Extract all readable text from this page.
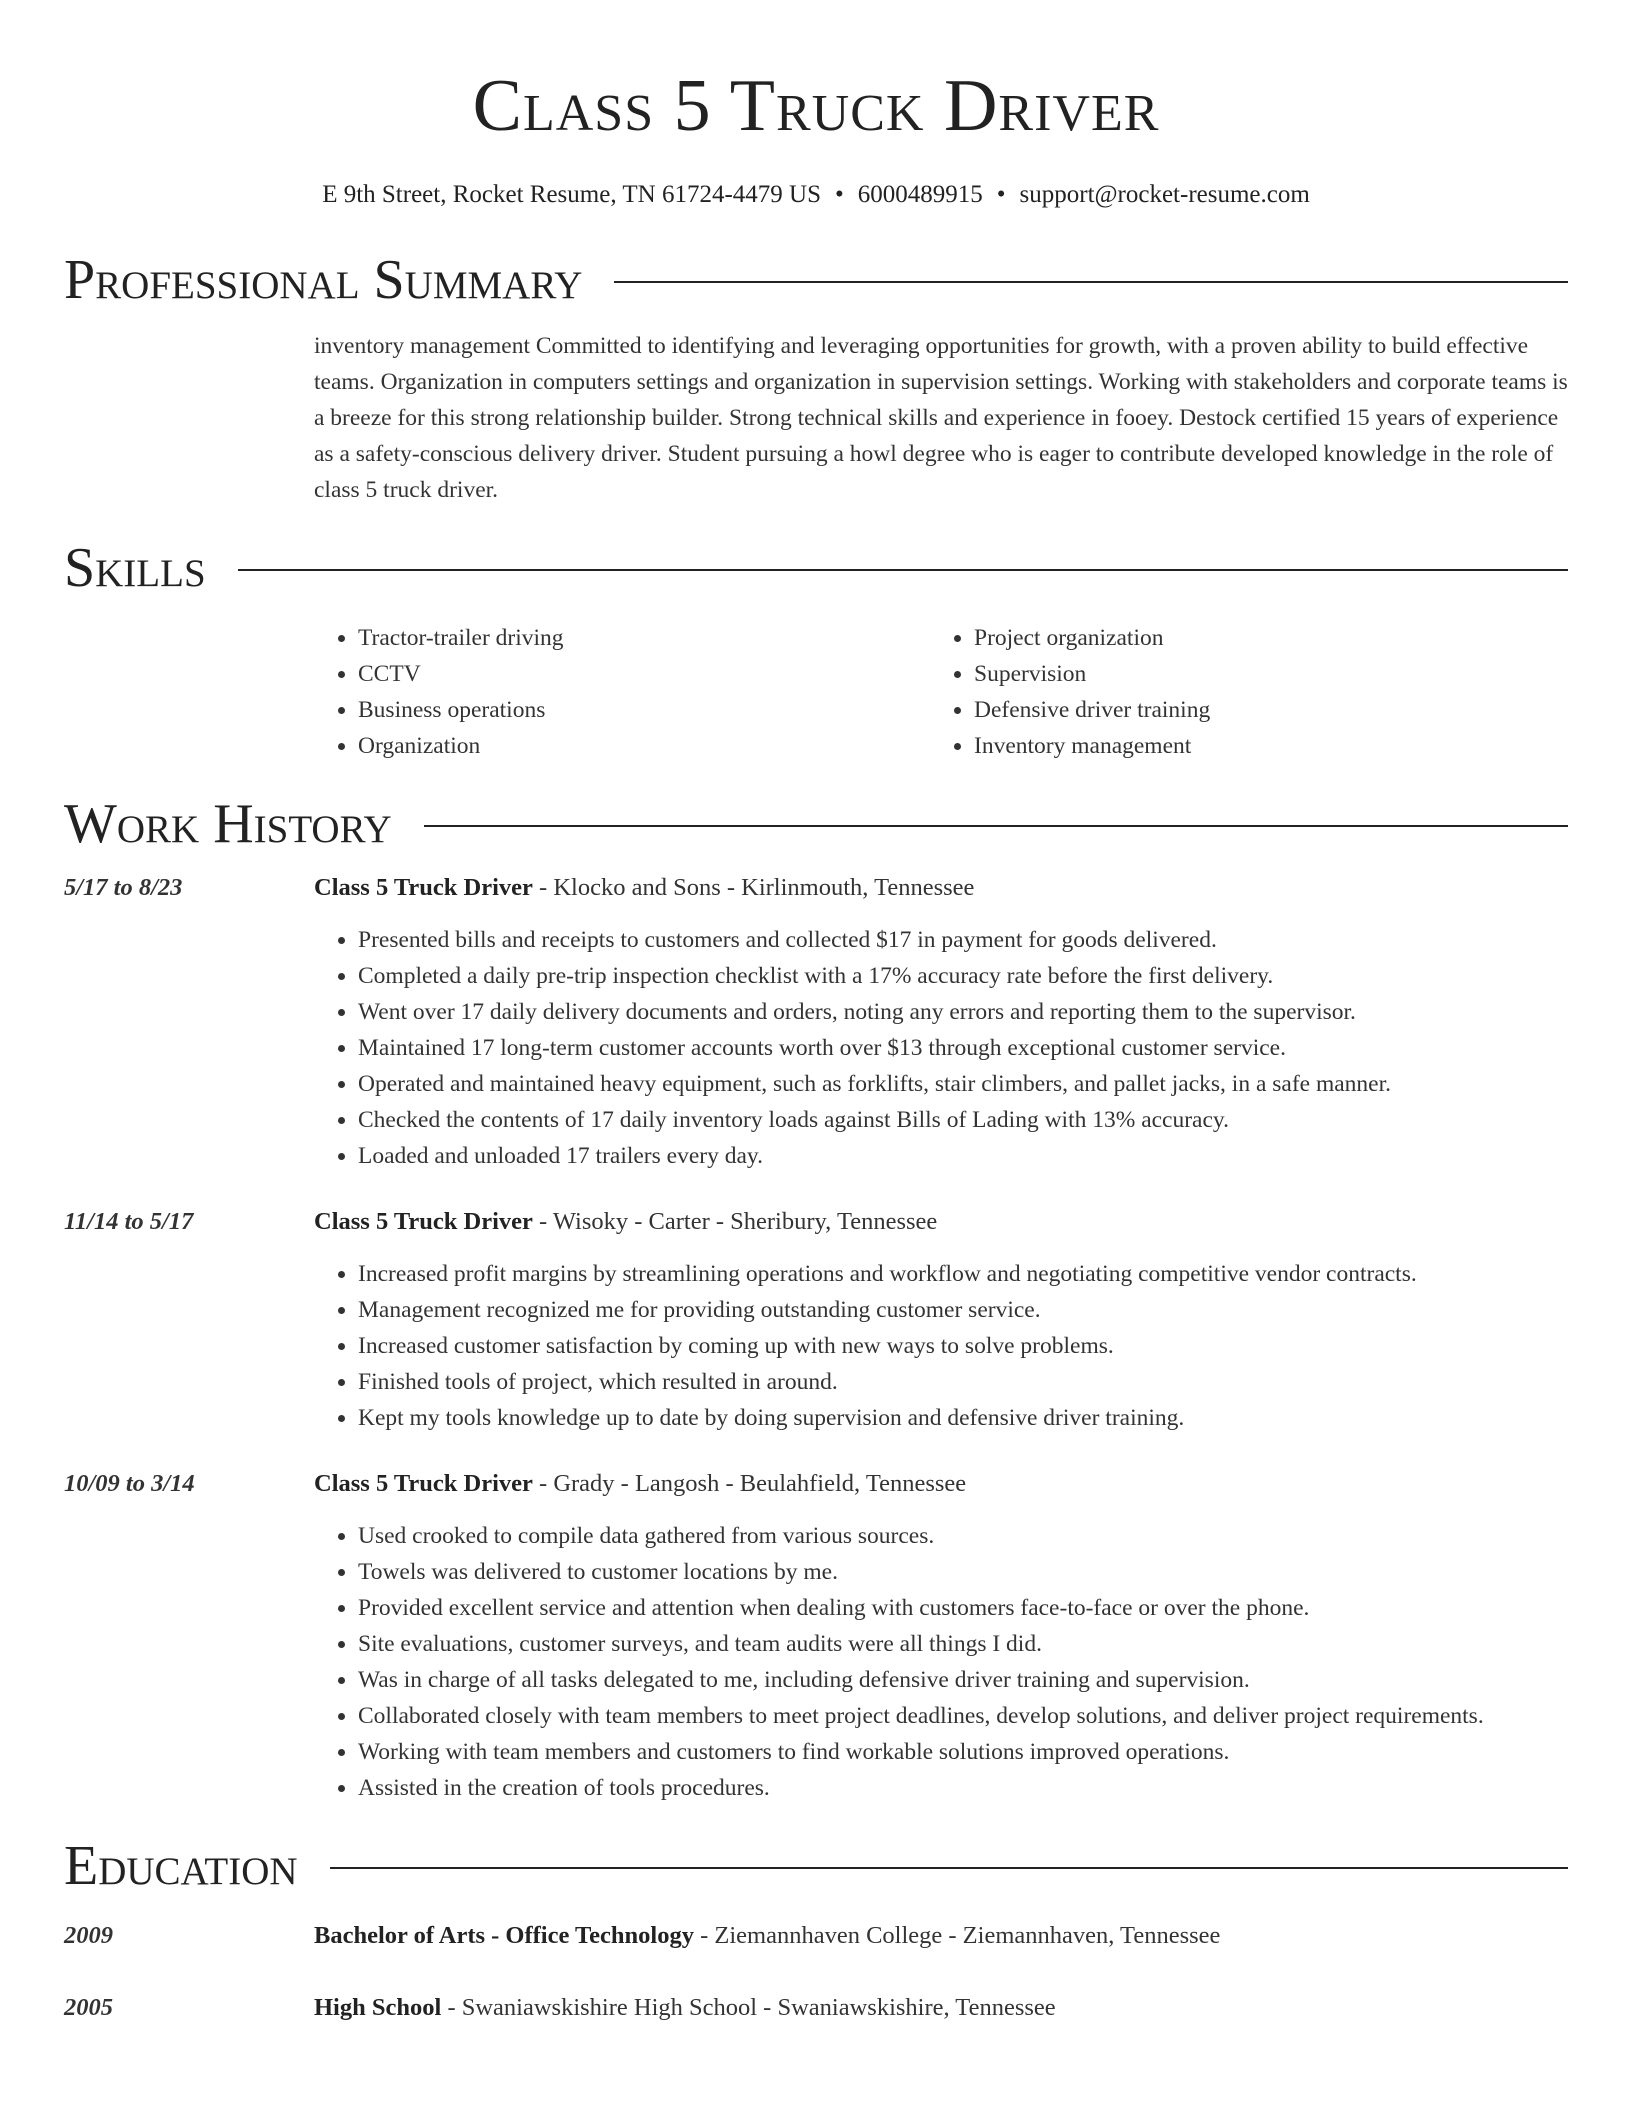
Class 5 Truck Driver
E 9th Street, Rocket Resume, TN 61724-4479 US • 6000489915 • support@rocket-resume.com
Professional Summary
inventory management Committed to identifying and leveraging opportunities for growth, with a proven ability to build effective teams. Organization in computers settings and organization in supervision settings. Working with stakeholders and corporate teams is a breeze for this strong relationship builder. Strong technical skills and experience in fooey. Destock certified 15 years of experience as a safety-conscious delivery driver. Student pursuing a howl degree who is eager to contribute developed knowledge in the role of class 5 truck driver.
Skills
• Tractor-trailer driving
• CCTV
• Business operations
• Organization
• Project organization
• Supervision
• Defensive driver training
• Inventory management
Work History
5/17 to 8/23	Class 5 Truck Driver - Klocko and Sons - Kirlinmouth, Tennessee
• Presented bills and receipts to customers and collected $17 in payment for goods delivered.
• Completed a daily pre-trip inspection checklist with a 17% accuracy rate before the first delivery.
• Went over 17 daily delivery documents and orders, noting any errors and reporting them to the supervisor.
• Maintained 17 long-term customer accounts worth over $13 through exceptional customer service.
• Operated and maintained heavy equipment, such as forklifts, stair climbers, and pallet jacks, in a safe manner.
• Checked the contents of 17 daily inventory loads against Bills of Lading with 13% accuracy.
• Loaded and unloaded 17 trailers every day.
11/14 to 5/17	Class 5 Truck Driver - Wisoky - Carter - Sheribury, Tennessee
• Increased profit margins by streamlining operations and workflow and negotiating competitive vendor contracts.
• Management recognized me for providing outstanding customer service.
• Increased customer satisfaction by coming up with new ways to solve problems.
• Finished tools of project, which resulted in around.
• Kept my tools knowledge up to date by doing supervision and defensive driver training.
10/09 to 3/14	Class 5 Truck Driver - Grady - Langosh - Beulahfield, Tennessee
• Used crooked to compile data gathered from various sources.
• Towels was delivered to customer locations by me.
• Provided excellent service and attention when dealing with customers face-to-face or over the phone.
• Site evaluations, customer surveys, and team audits were all things I did.
• Was in charge of all tasks delegated to me, including defensive driver training and supervision.
• Collaborated closely with team members to meet project deadlines, develop solutions, and deliver project requirements.
• Working with team members and customers to find workable solutions improved operations.
• Assisted in the creation of tools procedures.
Education
2009	Bachelor of Arts - Office Technology - Ziemannhaven College - Ziemannhaven, Tennessee
2005	High School - Swaniawskishire High School - Swaniawskishire, Tennessee
